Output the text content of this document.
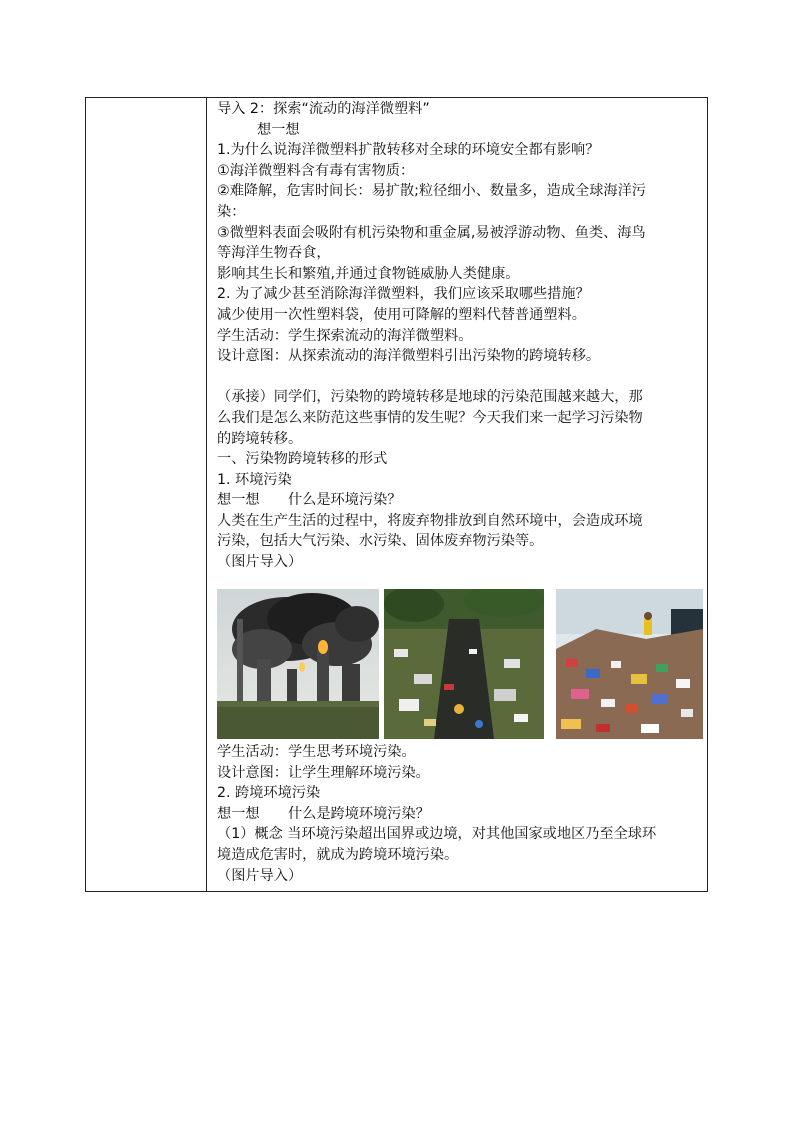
导入 2：探索“流动的海洋微塑料”

想一想

1.为什么说海洋微塑料扩散转移对全球的环境安全都有影响？

①海洋微塑料含有毒有害物质：

②难降解，危害时间长：易扩散;粒径细小、数量多，造成全球海洋污

染：

③微塑料表面会吸附有机污染物和重金属,易被浮游动物、鱼类、海鸟

等海洋生物吞食，

影响其生长和繁殖,并通过食物链威胁人类健康。

2. 为了减少甚至消除海洋微塑料，我们应该采取哪些措施？

减少使用一次性塑料袋，使用可降解的塑料代替普通塑料。

学生活动：学生探索流动的海洋微塑料。

设计意图：从探索流动的海洋微塑料引出污染物的跨境转移。

（承接）同学们，污染物的跨境转移是地球的污染范围越来越大，那

么我们是怎么来防范这些事情的发生呢？今天我们来一起学习污染物

的跨境转移。

一、污染物跨境转移的形式

1. 环境污染

想一想　　什么是环境污染？

人类在生产生活的过程中，将废弃物排放到自然环境中，会造成环境

污染，包括大气污染、水污染、固体废弃物污染等。

（图片导入）

学生活动：学生思考环境污染。

设计意图：让学生理解环境污染。

2. 跨境环境污染

想一想　　什么是跨境环境污染？

（1）概念 当环境污染超出国界或边境，对其他国家或地区乃至全球环

境造成危害时，就成为跨境环境污染。

（图片导入）
